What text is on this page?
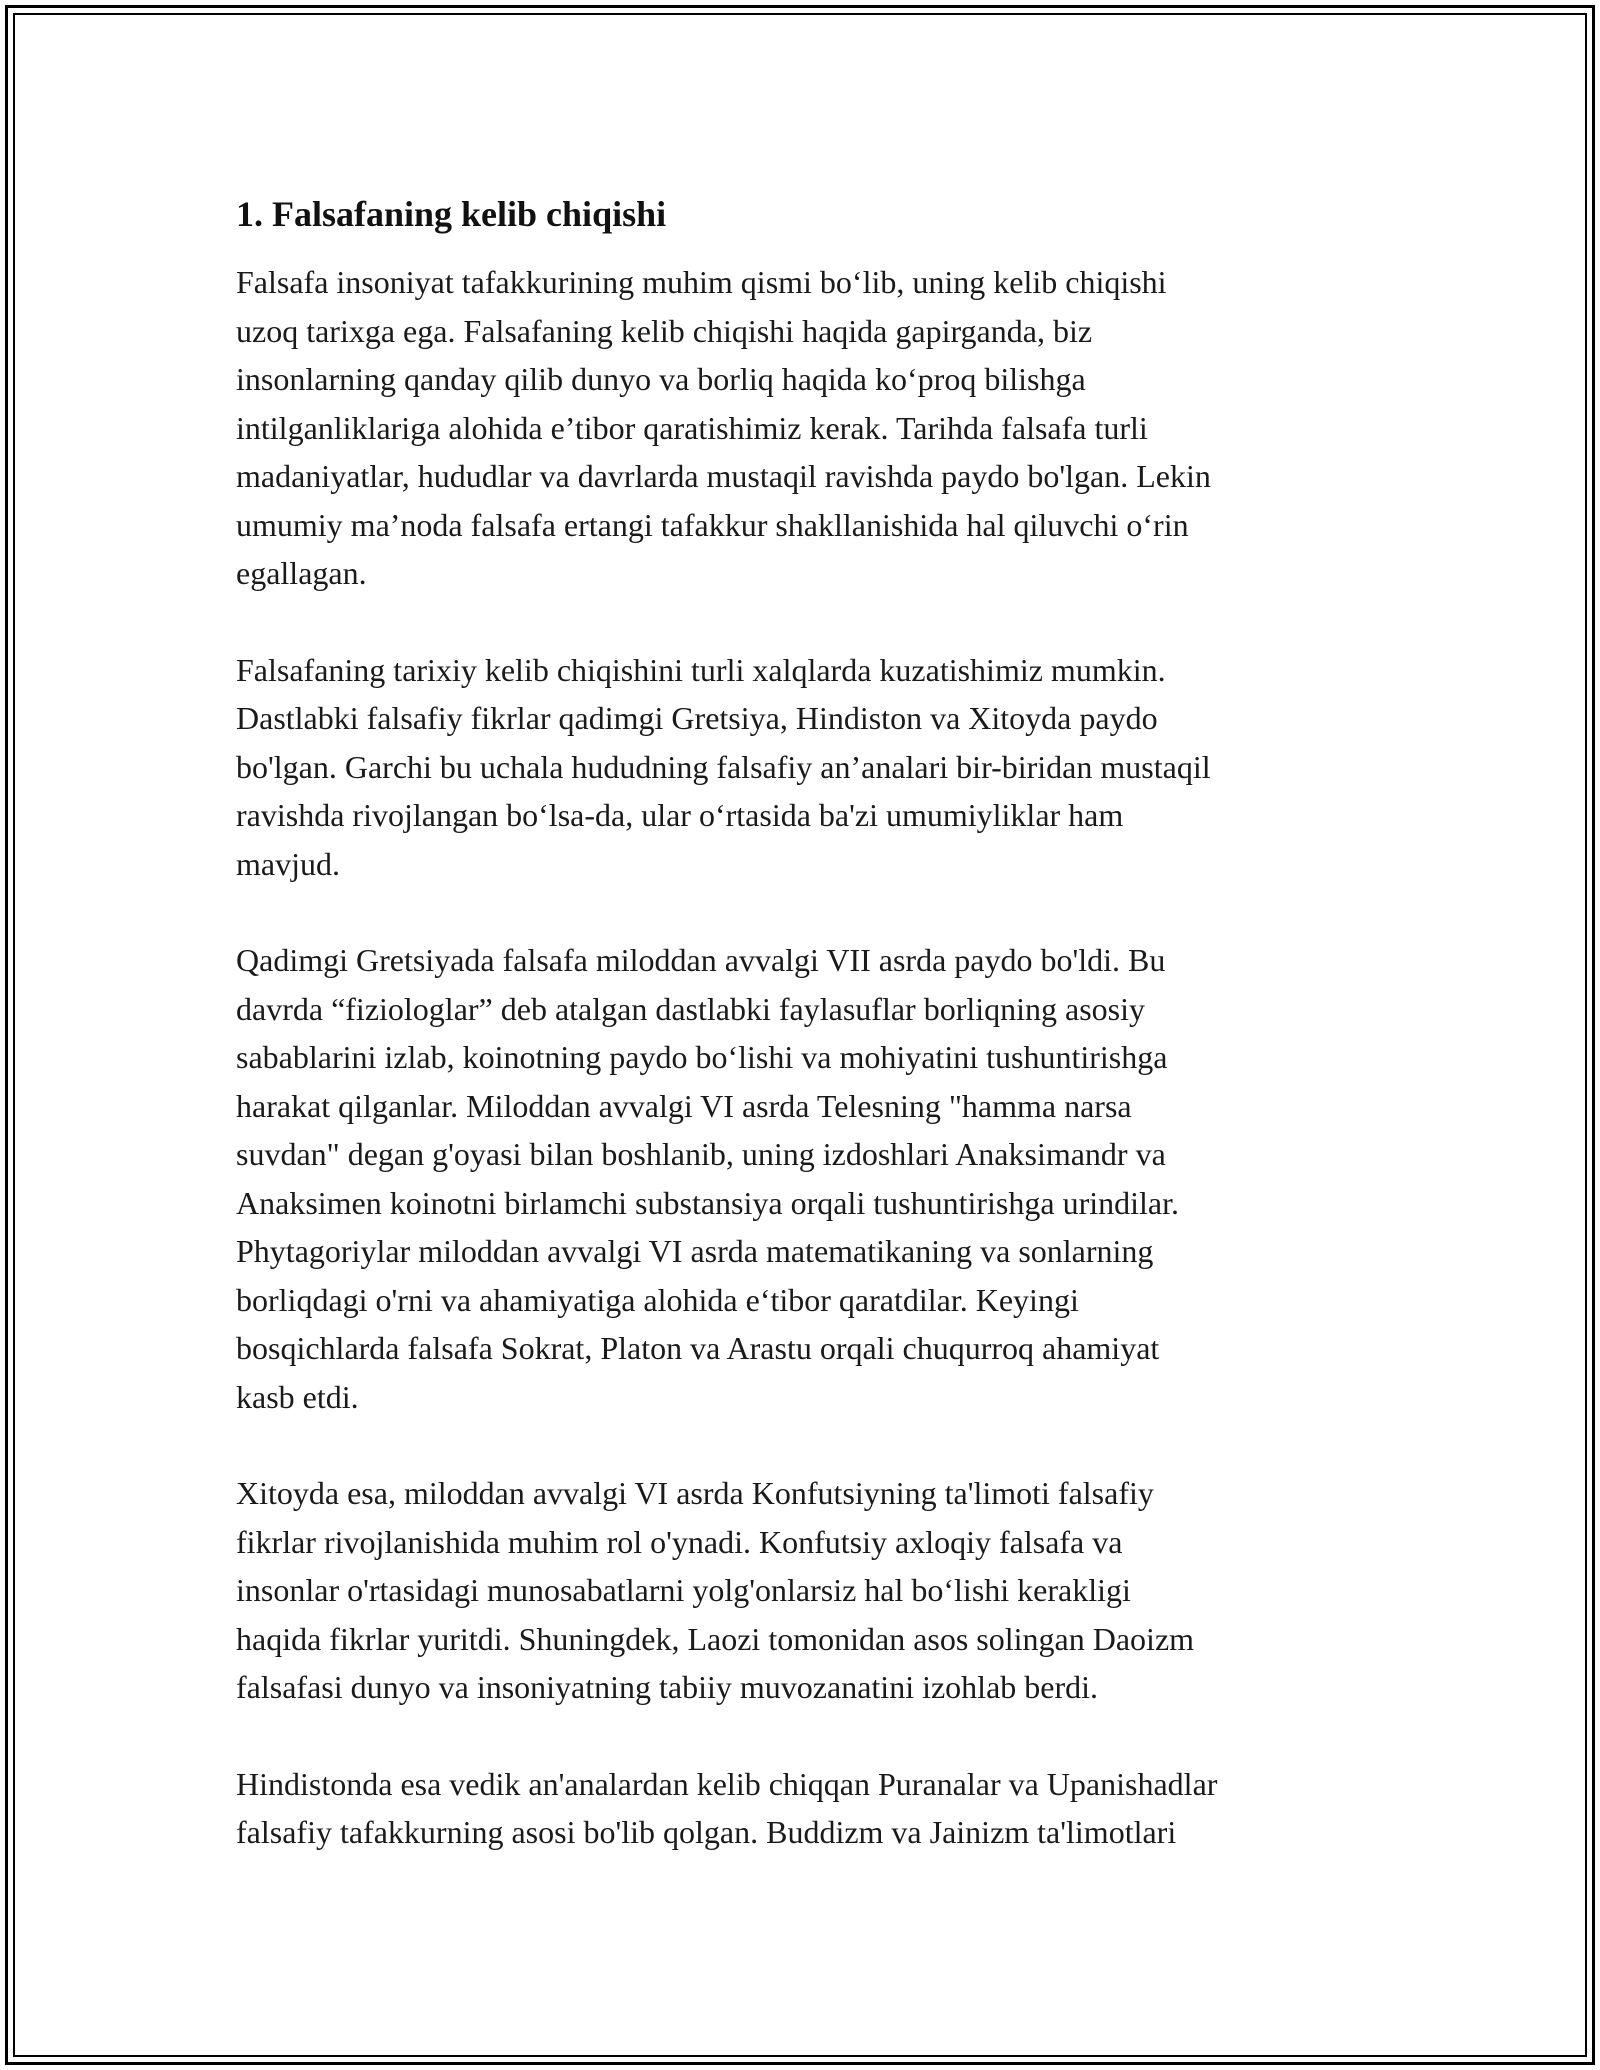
1. Falsafaning kelib chiqishi

Falsafa insoniyat tafakkurining muhim qismi bo‘lib, uning kelib chiqishi
uzoq tarixga ega. Falsafaning kelib chiqishi haqida gapirganda, biz
insonlarning qanday qilib dunyo va borliq haqida ko‘proq bilishga
intilganliklariga alohida e’tibor qaratishimiz kerak. Tarihda falsafa turli
madaniyatlar, hududlar va davrlarda mustaqil ravishda paydo bo'lgan. Lekin
umumiy ma’noda falsafa ertangi tafakkur shakllanishida hal qiluvchi o‘rin
egallagan.

Falsafaning tarixiy kelib chiqishini turli xalqlarda kuzatishimiz mumkin.
Dastlabki falsafiy fikrlar qadimgi Gretsiya, Hindiston va Xitoyda paydo
bo'lgan. Garchi bu uchala hududning falsafiy an’analari bir-biridan mustaqil
ravishda rivojlangan bo‘lsa-da, ular o‘rtasida ba'zi umumiyliklar ham
mavjud.

Qadimgi Gretsiyada falsafa miloddan avvalgi VII asrda paydo bo'ldi. Bu
davrda “fiziologlar” deb atalgan dastlabki faylasuflar borliqning asosiy
sabablarini izlab, koinotning paydo bo‘lishi va mohiyatini tushuntirishga
harakat qilganlar. Miloddan avvalgi VI asrda Telesning "hamma narsa
suvdan" degan g'oyasi bilan boshlanib, uning izdoshlari Anaksimandr va
Anaksimen koinotni birlamchi substansiya orqali tushuntirishga urindilar.
Phytagoriylar miloddan avvalgi VI asrda matematikaning va sonlarning
borliqdagi o'rni va ahamiyatiga alohida e‘tibor qaratdilar. Keyingi
bosqichlarda falsafa Sokrat, Platon va Arastu orqali chuqurroq ahamiyat
kasb etdi.

Xitoyda esa, miloddan avvalgi VI asrda Konfutsiyning ta'limoti falsafiy
fikrlar rivojlanishida muhim rol o'ynadi. Konfutsiy axloqiy falsafa va
insonlar o'rtasidagi munosabatlarni yolg'onlarsiz hal bo‘lishi kerakligi
haqida fikrlar yuritdi. Shuningdek, Laozi tomonidan asos solingan Daoizm
falsafasi dunyo va insoniyatning tabiiy muvozanatini izohlab berdi.

Hindistonda esa vedik an'analardan kelib chiqqan Puranalar va Upanishadlar
falsafiy tafakkurning asosi bo'lib qolgan. Buddizm va Jainizm ta'limotlari
